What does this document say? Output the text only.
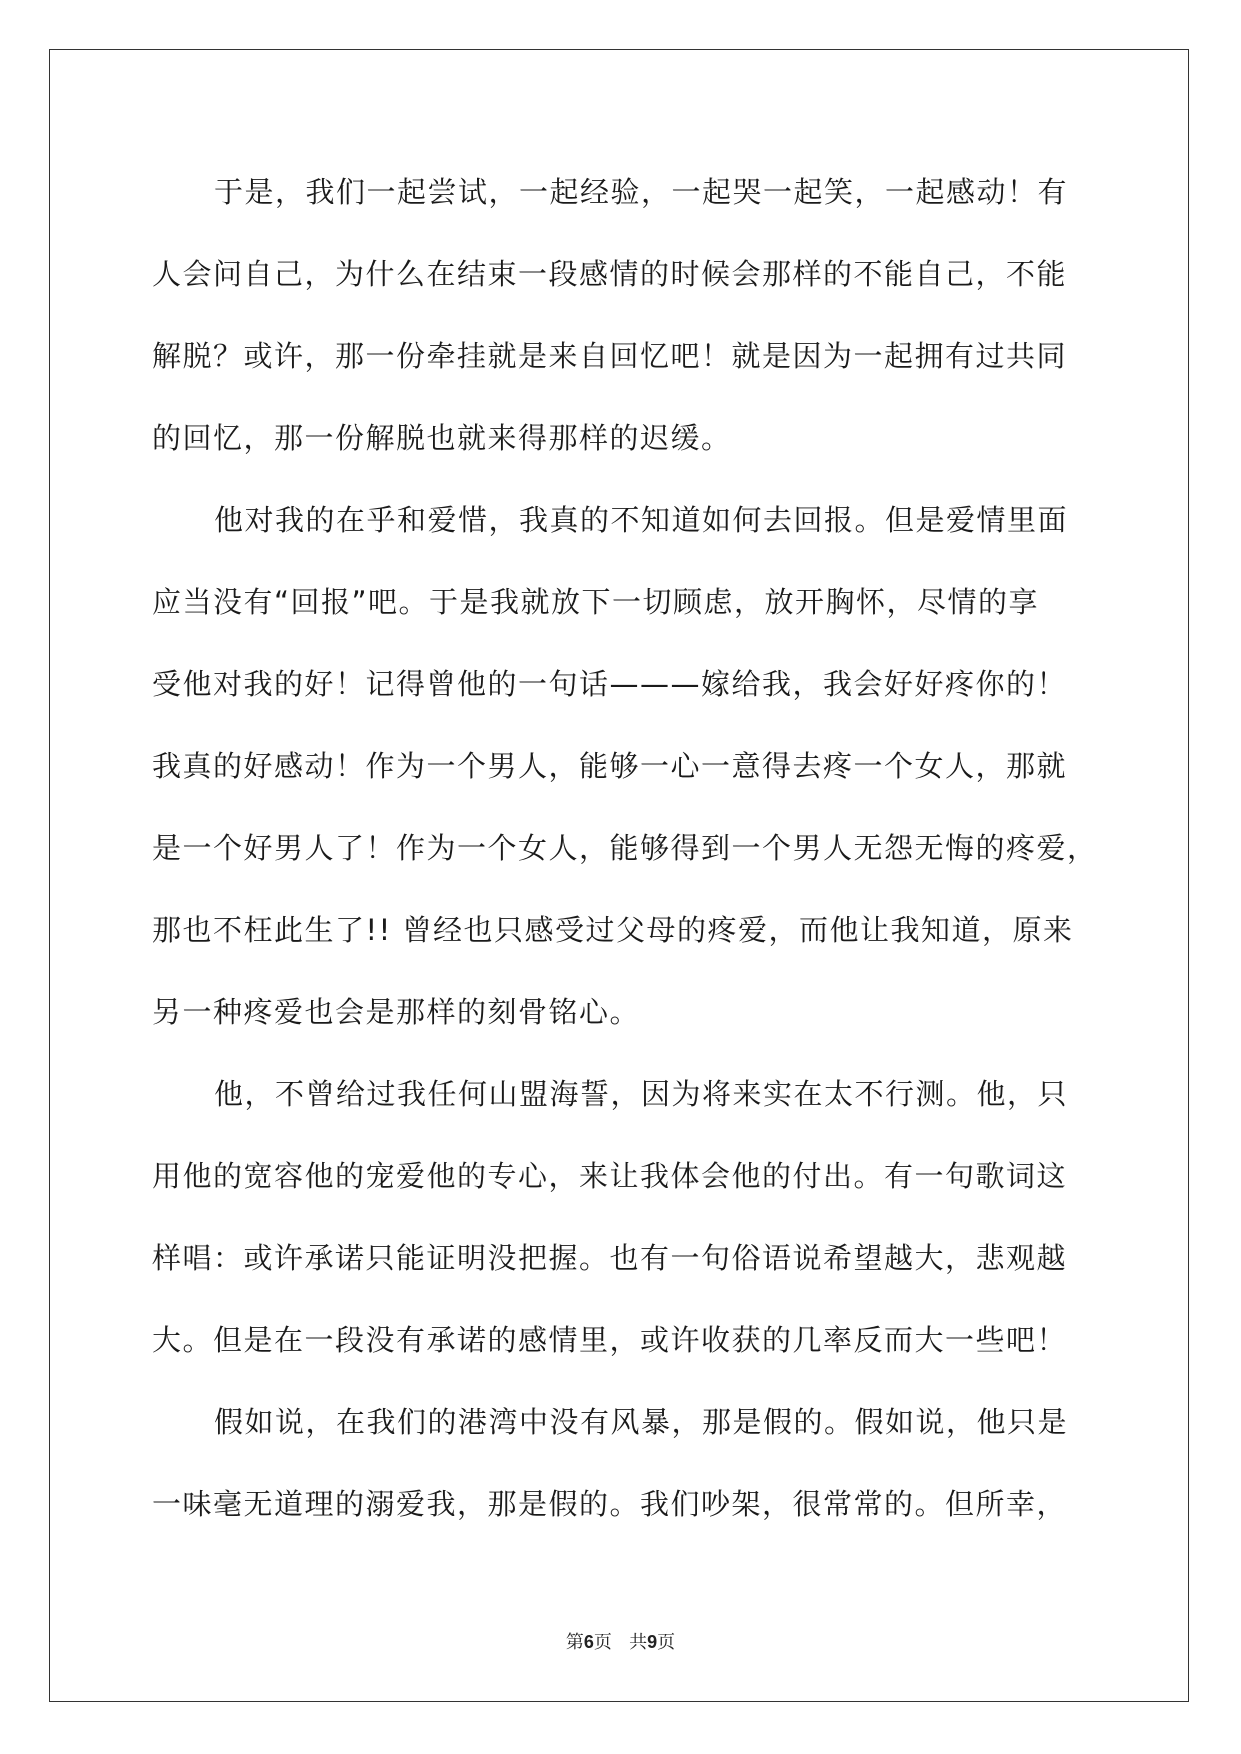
于是，我们一起尝试，一起经验，一起哭一起笑，一起感动！有
人会问自己，为什么在结束一段感情的时候会那样的不能自己，不能
解脱？或许，那一份牵挂就是来自回忆吧！就是因为一起拥有过共同
的回忆，那一份解脱也就来得那样的迟缓。
他对我的在乎和爱惜，我真的不知道如何去回报。但是爱情里面
应当没有“回报”吧。于是我就放下一切顾虑，放开胸怀，尽情的享
受他对我的好！记得曾他的一句话———嫁给我，我会好好疼你的！
我真的好感动！作为一个男人，能够一心一意得去疼一个女人，那就
是一个好男人了！作为一个女人，能够得到一个男人无怨无悔的疼爱，
那也不枉此生了!! 曾经也只感受过父母的疼爱，而他让我知道，原来
另一种疼爱也会是那样的刻骨铭心。
他，不曾给过我任何山盟海誓，因为将来实在太不行测。他，只
用他的宽容他的宠爱他的专心，来让我体会他的付出。有一句歌词这
样唱：或许承诺只能证明没把握。也有一句俗语说希望越大，悲观越
大。但是在一段没有承诺的感情里，或许收获的几率反而大一些吧！
假如说，在我们的港湾中没有风暴，那是假的。假如说，他只是
一味毫无道理的溺爱我，那是假的。我们吵架，很常常的。但所幸，
第6页 共9页
